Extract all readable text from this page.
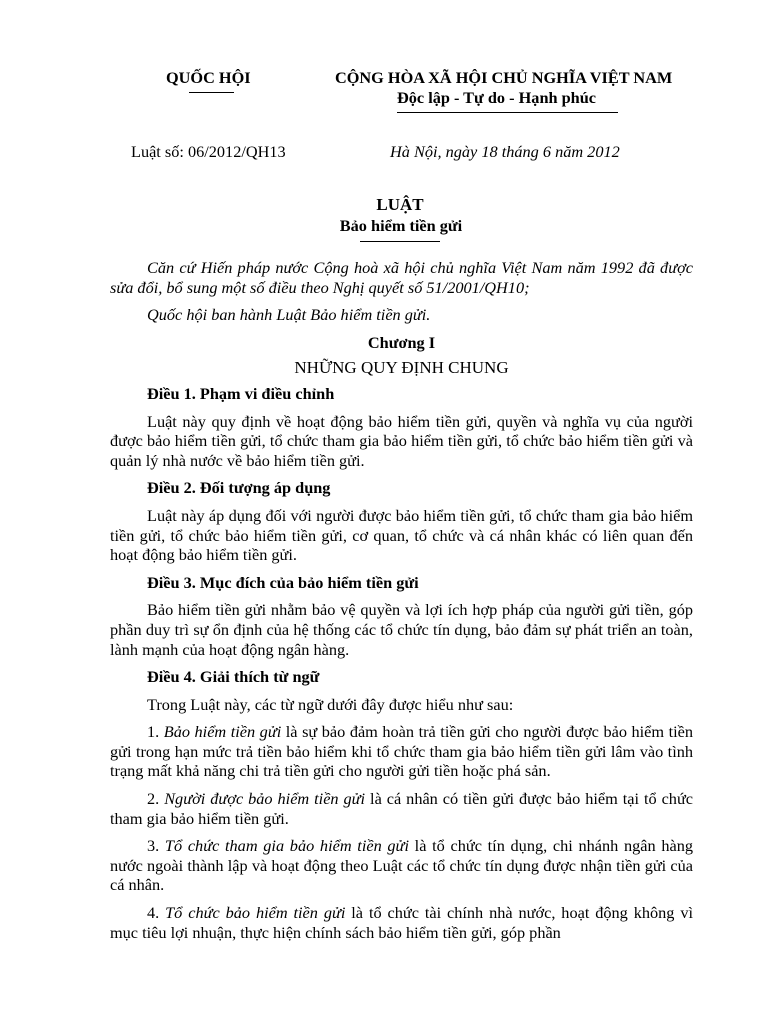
QUỐC HỘI	CỘNG HÒA XÃ HỘI CHỦ NGHĨA VIỆT NAM
Độc lập - Tự do - Hạnh phúc
Luật số: 06/2012/QH13	Hà Nội, ngày 18 tháng 6 năm 2012
LUẬT
Bảo hiểm tiền gửi

Căn cứ Hiến pháp nước Cộng hoà xã hội chủ nghĩa Việt Nam năm 1992 đã được sửa đổi, bổ sung một số điều theo Nghị quyết số 51/2001/QH10;

Quốc hội ban hành Luật Bảo hiểm tiền gửi.

Chương I

NHỮNG QUY ĐỊNH CHUNG

Điều 1. Phạm vi điều chỉnh

Luật này quy định về hoạt động bảo hiểm tiền gửi, quyền và nghĩa vụ của người được bảo hiểm tiền gửi, tổ chức tham gia bảo hiểm tiền gửi, tổ chức bảo hiểm tiền gửi và quản lý nhà nước về bảo hiểm tiền gửi.

Điều 2. Đối tượng áp dụng

Luật này áp dụng đối với người được bảo hiểm tiền gửi, tổ chức tham gia bảo hiểm tiền gửi, tổ chức bảo hiểm tiền gửi, cơ quan, tổ chức và cá nhân khác có liên quan đến hoạt động bảo hiểm tiền gửi.

Điều 3. Mục đích của bảo hiểm tiền gửi

Bảo hiểm tiền gửi nhằm bảo vệ quyền và lợi ích hợp pháp của người gửi tiền, góp phần duy trì sự ổn định của hệ thống các tổ chức tín dụng, bảo đảm sự phát triển an toàn, lành mạnh của hoạt động ngân hàng.

Điều 4. Giải thích từ ngữ

Trong Luật này, các từ ngữ dưới đây được hiểu như sau:

1. Bảo hiểm tiền gửi là sự bảo đảm hoàn trả tiền gửi cho người được bảo hiểm tiền gửi trong hạn mức trả tiền bảo hiểm khi tổ chức tham gia bảo hiểm tiền gửi lâm vào tình trạng mất khả năng chi trả tiền gửi cho người gửi tiền hoặc phá sản.

2. Người được bảo hiểm tiền gửi là cá nhân có tiền gửi được bảo hiểm tại tổ chức tham gia bảo hiểm tiền gửi.

3. Tổ chức tham gia bảo hiểm tiền gửi là tổ chức tín dụng, chi nhánh ngân hàng nước ngoài thành lập và hoạt động theo Luật các tổ chức tín dụng được nhận tiền gửi của cá nhân.

4. Tổ chức bảo hiểm tiền gửi là tổ chức tài chính nhà nước, hoạt động không vì mục tiêu lợi nhuận, thực hiện chính sách bảo hiểm tiền gửi, góp phần
